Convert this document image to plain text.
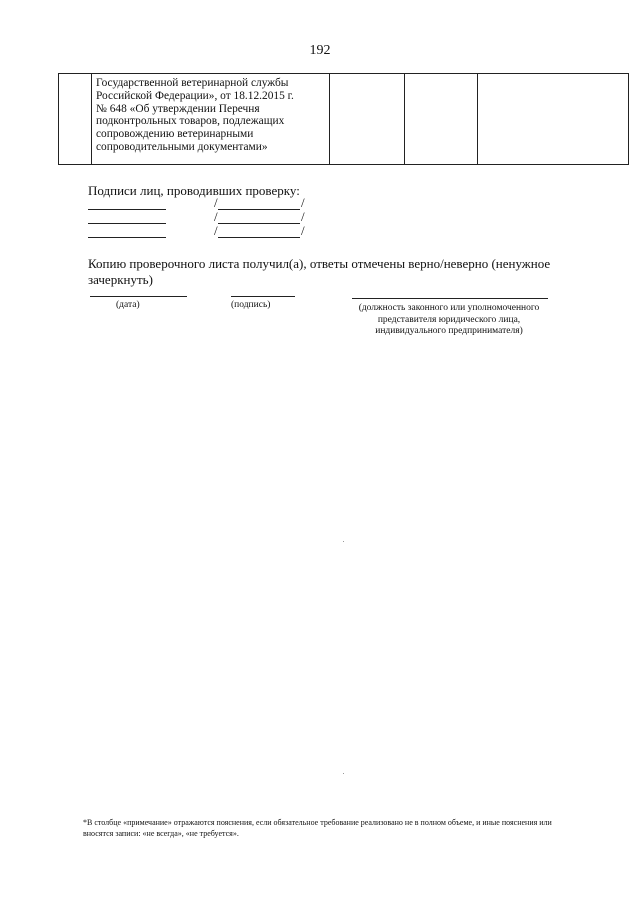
192

Государственной ветеринарной службы
Российской Федерации», от 18.12.2015 г.
№ 648 «Об утверждении Перечня
подконтрольных товаров, подлежащих
сопровождению ветеринарными
сопроводительными документами»

Подписи лиц, проводивших проверку:
/	/
/	/
/	/
Копию проверочного листа получил(а), ответы отмечены верно/неверно (ненужное зачеркнуть)
(дата)	(подпись)	(должность законного или уполномоченного
представителя юридического лица,
индивидуального предпринимателя)
*В столбце «примечание» отражаются пояснения, если обязательное требование реализовано не в полном объеме, и иные пояснения или вносятся записи: «не всегда», «не требуется».
